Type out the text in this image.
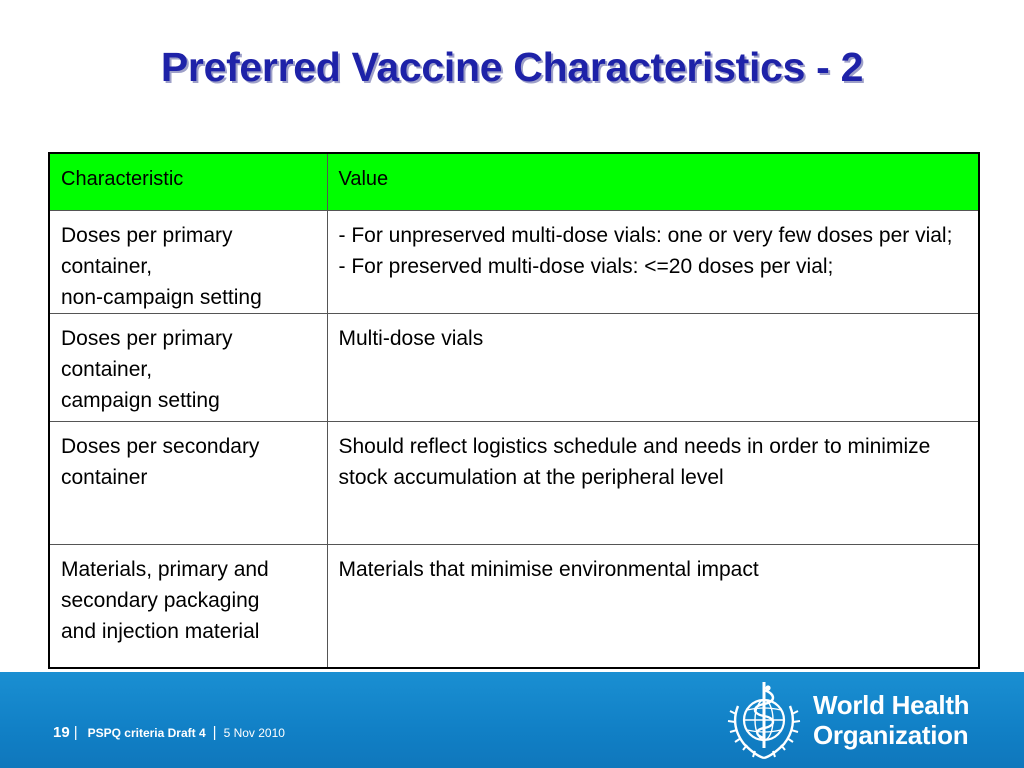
Preferred Vaccine Characteristics - 2
Characteristic	Value
Doses per primary
container,
non-campaign setting	- For unpreserved multi-dose vials: one or very few doses per vial;
- For preserved multi-dose vials: <=20 doses per vial;
Doses per primary
container,
campaign setting	Multi-dose vials
Doses per secondary
container	Should reflect logistics schedule and needs in order to minimize stock accumulation at the peripheral level
Materials, primary and
secondary packaging
and injection material	Materials that minimise environmental impact
19 | PSPQ criteria Draft 4 | 5 Nov 2010
World Health
Organization
